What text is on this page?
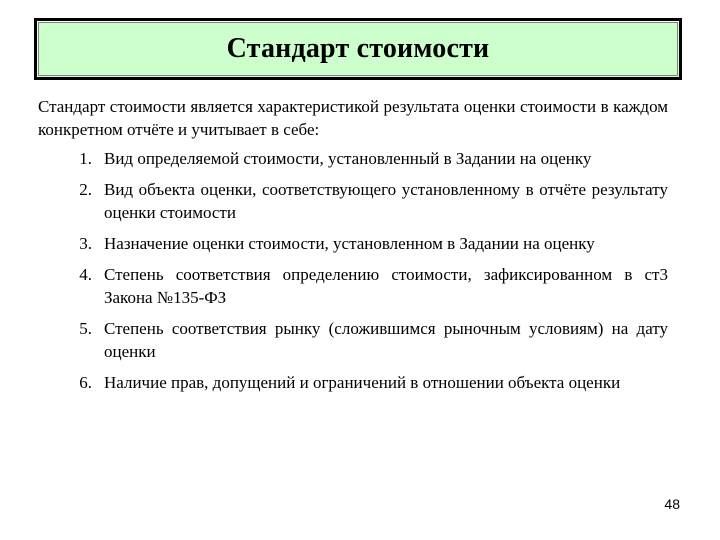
Стандарт стоимости

Стандарт стоимости является характеристикой результата оценки стоимости в каждом конкретном отчёте и учитывает в себе:

1. Вид определяемой стоимости, установленный в Задании на оценку
2. Вид объекта оценки, соответствующего установленному в отчёте результату оценки стоимости
3. Назначение оценки стоимости, установленном в Задании на оценку
4. Степень соответствия определению стоимости, зафиксированном в ст3 Закона №135-ФЗ
5. Степень соответствия рынку (сложившимся рыночным условиям) на дату оценки
6. Наличие прав, допущений и ограничений в отношении объекта оценки
48
